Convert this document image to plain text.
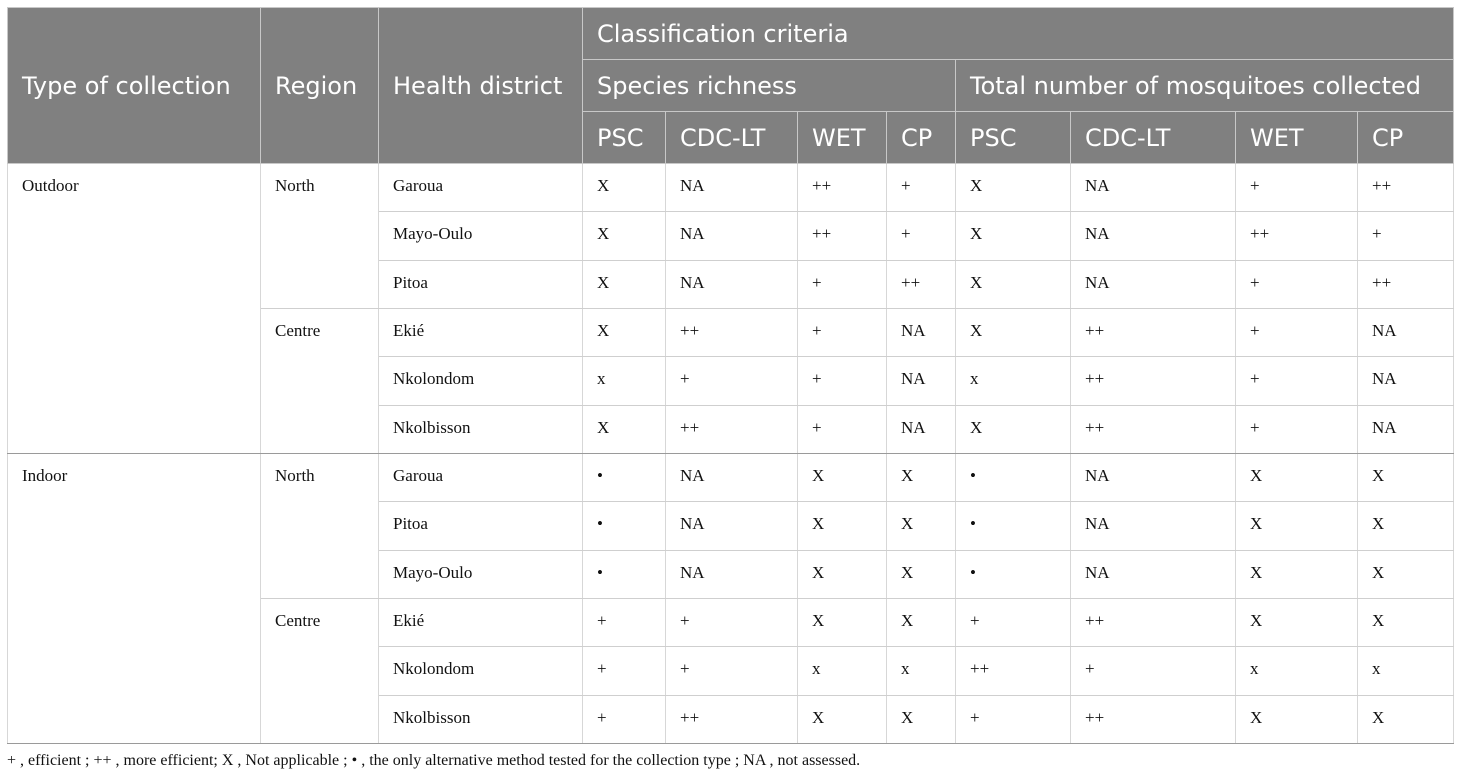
Type of collection	Region	Health district	Classification criteria							
			Species richness				Total number of mosquitoes collected			
			PSC	CDC-LT	WET	CP	PSC	CDC-LT	WET	CP
Outdoor	North	Garoua	X	NA	++	+	X	NA	+	++
		Mayo-Oulo	X	NA	++	+	X	NA	++	+
		Pitoa	X	NA	+	++	X	NA	+	++
	Centre	Ekié	X	++	+	NA	X	++	+	NA
		Nkolondom	x	+	+	NA	x	++	+	NA
		Nkolbisson	X	++	+	NA	X	++	+	NA
Indoor	North	Garoua	•	NA	X	X	•	NA	X	X
		Pitoa	•	NA	X	X	•	NA	X	X
		Mayo-Oulo	•	NA	X	X	•	NA	X	X
	Centre	Ekié	+	+	X	X	+	++	X	X
		Nkolondom	+	+	x	x	++	+	x	x
		Nkolbisson	+	++	X	X	+	++	X	X
+ , efficient ; ++ , more efficient; X , Not applicable ; • , the only alternative method tested for the collection type ; NA , not assessed.
